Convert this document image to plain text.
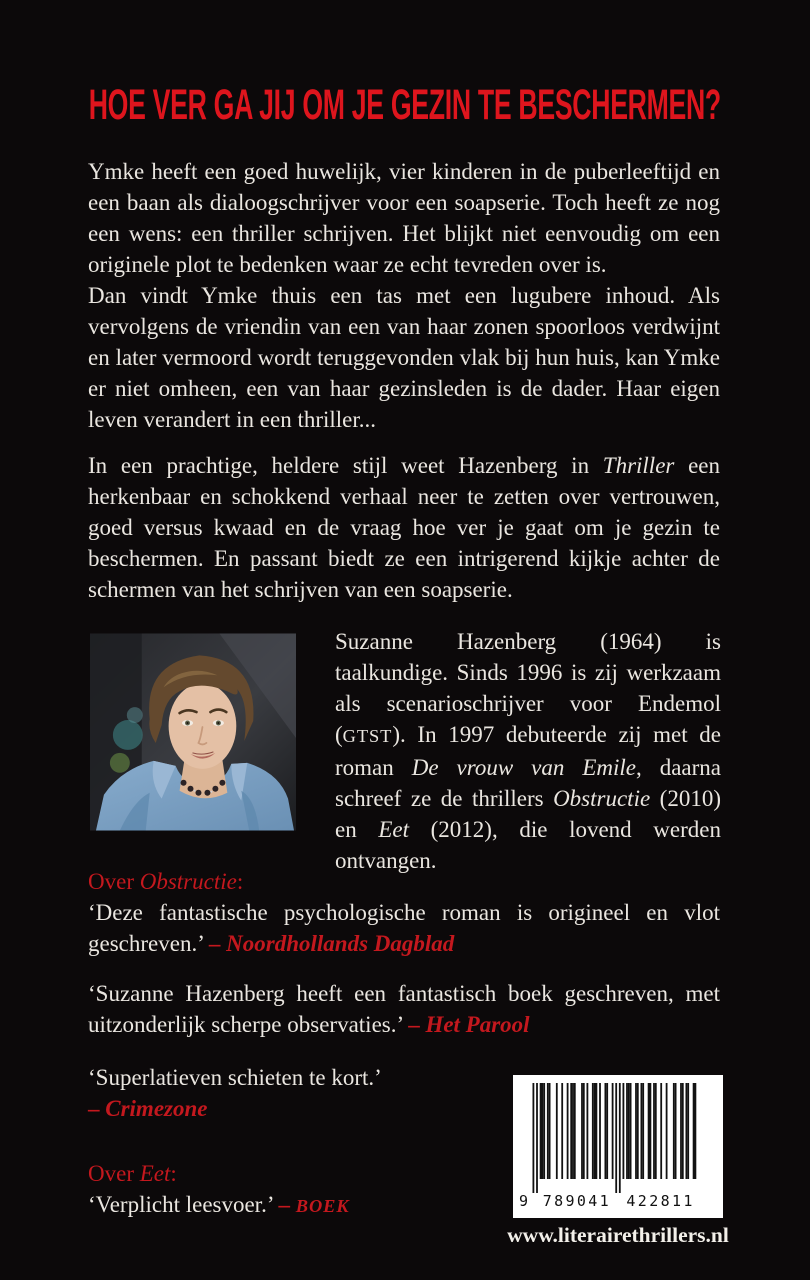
HOE VER GA JIJ OM JE GEZIN TE BESCHERMEN?

Ymke heeft een goed huwelijk, vier kinderen in de puberleeftijd en een baan als dialoogschrijver voor een soapserie. Toch heeft ze nog een wens: een thriller schrijven. Het blijkt niet eenvoudig om een originele plot te bedenken waar ze echt tevreden over is.

Dan vindt Ymke thuis een tas met een lugubere inhoud. Als vervolgens de vriendin van een van haar zonen spoorloos verdwijnt en later vermoord wordt teruggevonden vlak bij hun huis, kan Ymke er niet omheen, een van haar gezinsleden is de dader. Haar eigen leven verandert in een thriller...

In een prachtige, heldere stijl weet Hazenberg in Thriller een herkenbaar en schokkend verhaal neer te zetten over vertrouwen, goed versus kwaad en de vraag hoe ver je gaat om je gezin te beschermen. En passant biedt ze een intrigerend kijkje achter de schermen van het schrijven van een soapserie.
Suzanne Hazenberg (1964) is taalkundige. Sinds 1996 is zij werkzaam als scenarioschrijver voor Endemol (GTST). In 1997 debuteerde zij met de roman De vrouw van Emile, daarna schreef ze de thrillers Obstructie (2010) en Eet (2012), die lovend werden ontvangen.
Over Obstructie:
‘Deze fantastische psychologische roman is origineel en vlot geschreven.’ – Noordhollands Dagblad
‘Suzanne Hazenberg heeft een fantastisch boek geschreven, met uitzonderlijk scherpe observaties.’ – Het Parool
‘Superlatieven schieten te kort.’
– Crimezone
Over Eet:
‘Verplicht leesvoer.’ – BOEK	9 789041 422811
www.literairethrillers.nl
